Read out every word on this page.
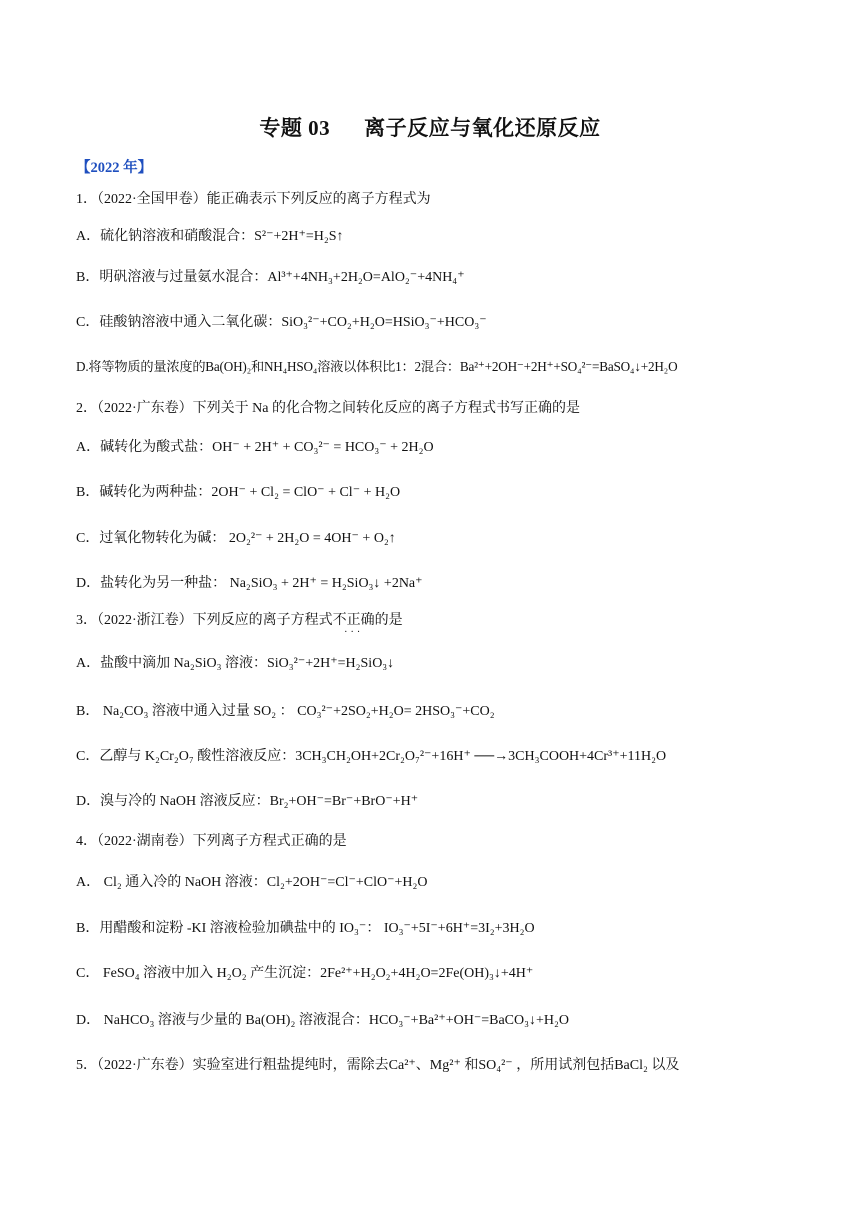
专题 03 离子反应与氧化还原反应
【2022 年】
1．（2022·全国甲卷）能正确表示下列反应的离子方程式为
A．硫化钠溶液和硝酸混合：S²⁻+2H⁺=H₂S↑
B．明矾溶液与过量氨水混合：Al³⁺+4NH₃+2H₂O=AlO₂⁻+4NH₄⁺
C．硅酸钠溶液中通入二氧化碳：SiO₃²⁻+CO₂+H₂O=HSiO₃⁻+HCO₃⁻
D.将等物质的量浓度的Ba(OH)₂和NH₄HSO₄溶液以体积比1：2混合：Ba²⁺+2OH⁻+2H⁺+SO₄²⁻=BaSO₄↓+2H₂O
2．（2022·广东卷）下列关于 Na 的化合物之间转化反应的离子方程式书写正确的是
A．碱转化为酸式盐：OH⁻ + 2H⁺ + CO₃²⁻ = HCO₃⁻ + 2H₂O
B．碱转化为两种盐：2OH⁻ + Cl₂ = ClO⁻ + Cl⁻ + H₂O
C．过氧化物转化为碱： 2O₂²⁻ + 2H₂O = 4OH⁻ + O₂↑
D．盐转化为另一种盐： Na₂SiO₃ + 2H⁺ = H₂SiO₃↓ +2Na⁺
3．（2022·浙江卷）下列反应的离子方程式不正确
···
的是
A．盐酸中滴加 Na₂SiO₃ 溶液：SiO₃²⁻+2H⁺=H₂SiO₃↓
B． Na₂CO₃ 溶液中通入过量 SO₂ ： CO₃²⁻+2SO₂+H₂O= 2HSO₃⁻+CO₂
C．乙醇与 K₂Cr₂O₇ 酸性溶液反应：3CH₃CH₂OH+2Cr₂O₇²⁻+16H⁺ ──→3CH₃COOH+4Cr³⁺+11H₂O
D．溴与冷的 NaOH 溶液反应：Br₂+OH⁻=Br⁻+BrO⁻+H⁺
4．（2022·湖南卷）下列离子方程式正确的是
A． Cl₂ 通入冷的 NaOH 溶液：Cl₂+2OH⁻=Cl⁻+ClO⁻+H₂O
B．用醋酸和淀粉 -KI 溶液检验加碘盐中的 IO₃⁻： IO₃⁻+5I⁻+6H⁺=3I₂+3H₂O
C． FeSO₄ 溶液中加入 H₂O₂ 产生沉淀：2Fe²⁺+H₂O₂+4H₂O=2Fe(OH)₃↓+4H⁺
D． NaHCO₃ 溶液与少量的 Ba(OH)₂ 溶液混合：HCO₃⁻+Ba²⁺+OH⁻=BaCO₃↓+H₂O
5．（2022·广东卷）实验室进行粗盐提纯时，需除去Ca²⁺、Mg²⁺ 和SO₄²⁻ ，所用试剂包括BaCl₂ 以及
